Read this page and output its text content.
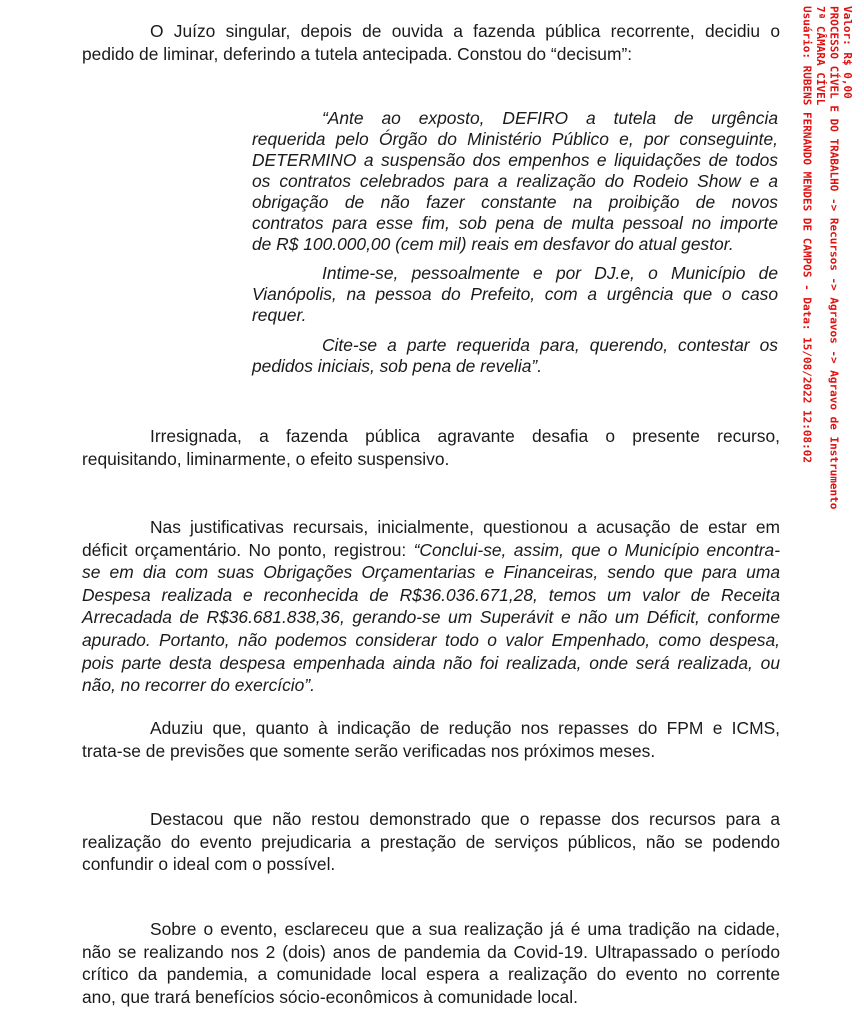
O Juízo singular, depois de ouvida a fazenda pública recorrente, decidiu o
pedido de liminar, deferindo a tutela antecipada. Constou do “decisum”:

“Ante ao exposto, DEFIRO a tutela de urgência
requerida pelo Órgão do Ministério Público e, por conseguinte,
DETERMINO a suspensão dos empenhos e liquidações de todos
os contratos celebrados para a realização do Rodeio Show e a
obrigação de não fazer constante na proibição de novos
contratos para esse fim, sob pena de multa pessoal no importe
de R$ 100.000,00 (cem mil) reais em desfavor do atual gestor.
Intime-se, pessoalmente e por DJ.e, o Município de
Vianópolis, na pessoa do Prefeito, com a urgência que o caso
requer.
Cite-se a parte requerida para, querendo, contestar os
pedidos iniciais, sob pena de revelia”.

Irresignada, a fazenda pública agravante desafia o presente recurso,
requisitando, liminarmente, o efeito suspensivo.

Nas justificativas recursais, inicialmente, questionou a acusação de estar em
déficit orçamentário. No ponto, registrou: “Conclui-se, assim, que o Município encontra-
se em dia com suas Obrigações Orçamentarias e Financeiras, sendo que para uma
Despesa realizada e reconhecida de R$36.036.671,28, temos um valor de Receita
Arrecadada de R$36.681.838,36, gerando-se um Superávit e não um Déficit, conforme
apurado. Portanto, não podemos considerar todo o valor Empenhado, como despesa,
pois parte desta despesa empenhada ainda não foi realizada, onde será realizada, ou
não, no recorrer do exercício”.

Aduziu que, quanto à indicação de redução nos repasses do FPM e ICMS,
trata-se de previsões que somente serão verificadas nos próximos meses.

Destacou que não restou demonstrado que o repasse dos recursos para a
realização do evento prejudicaria a prestação de serviços públicos, não se podendo
confundir o ideal com o possível.

Sobre o evento, esclareceu que a sua realização já é uma tradição na cidade,
não se realizando nos 2 (dois) anos de pandemia da Covid-19. Ultrapassado o período
crítico da pandemia, a comunidade local espera a realização do evento no corrente
ano, que trará benefícios sócio-econômicos à comunidade local.

Valor: R$ 0,00
PROCESSO CÍVEL E DO TRABALHO -> Recursos -> Agravos -> Agravo de Instrumento
7ª CÂMARA CÍVEL
Usuário: RUBENS FERNANDO MENDES DE CAMPOS - Data: 15/08/2022 12:08:02
